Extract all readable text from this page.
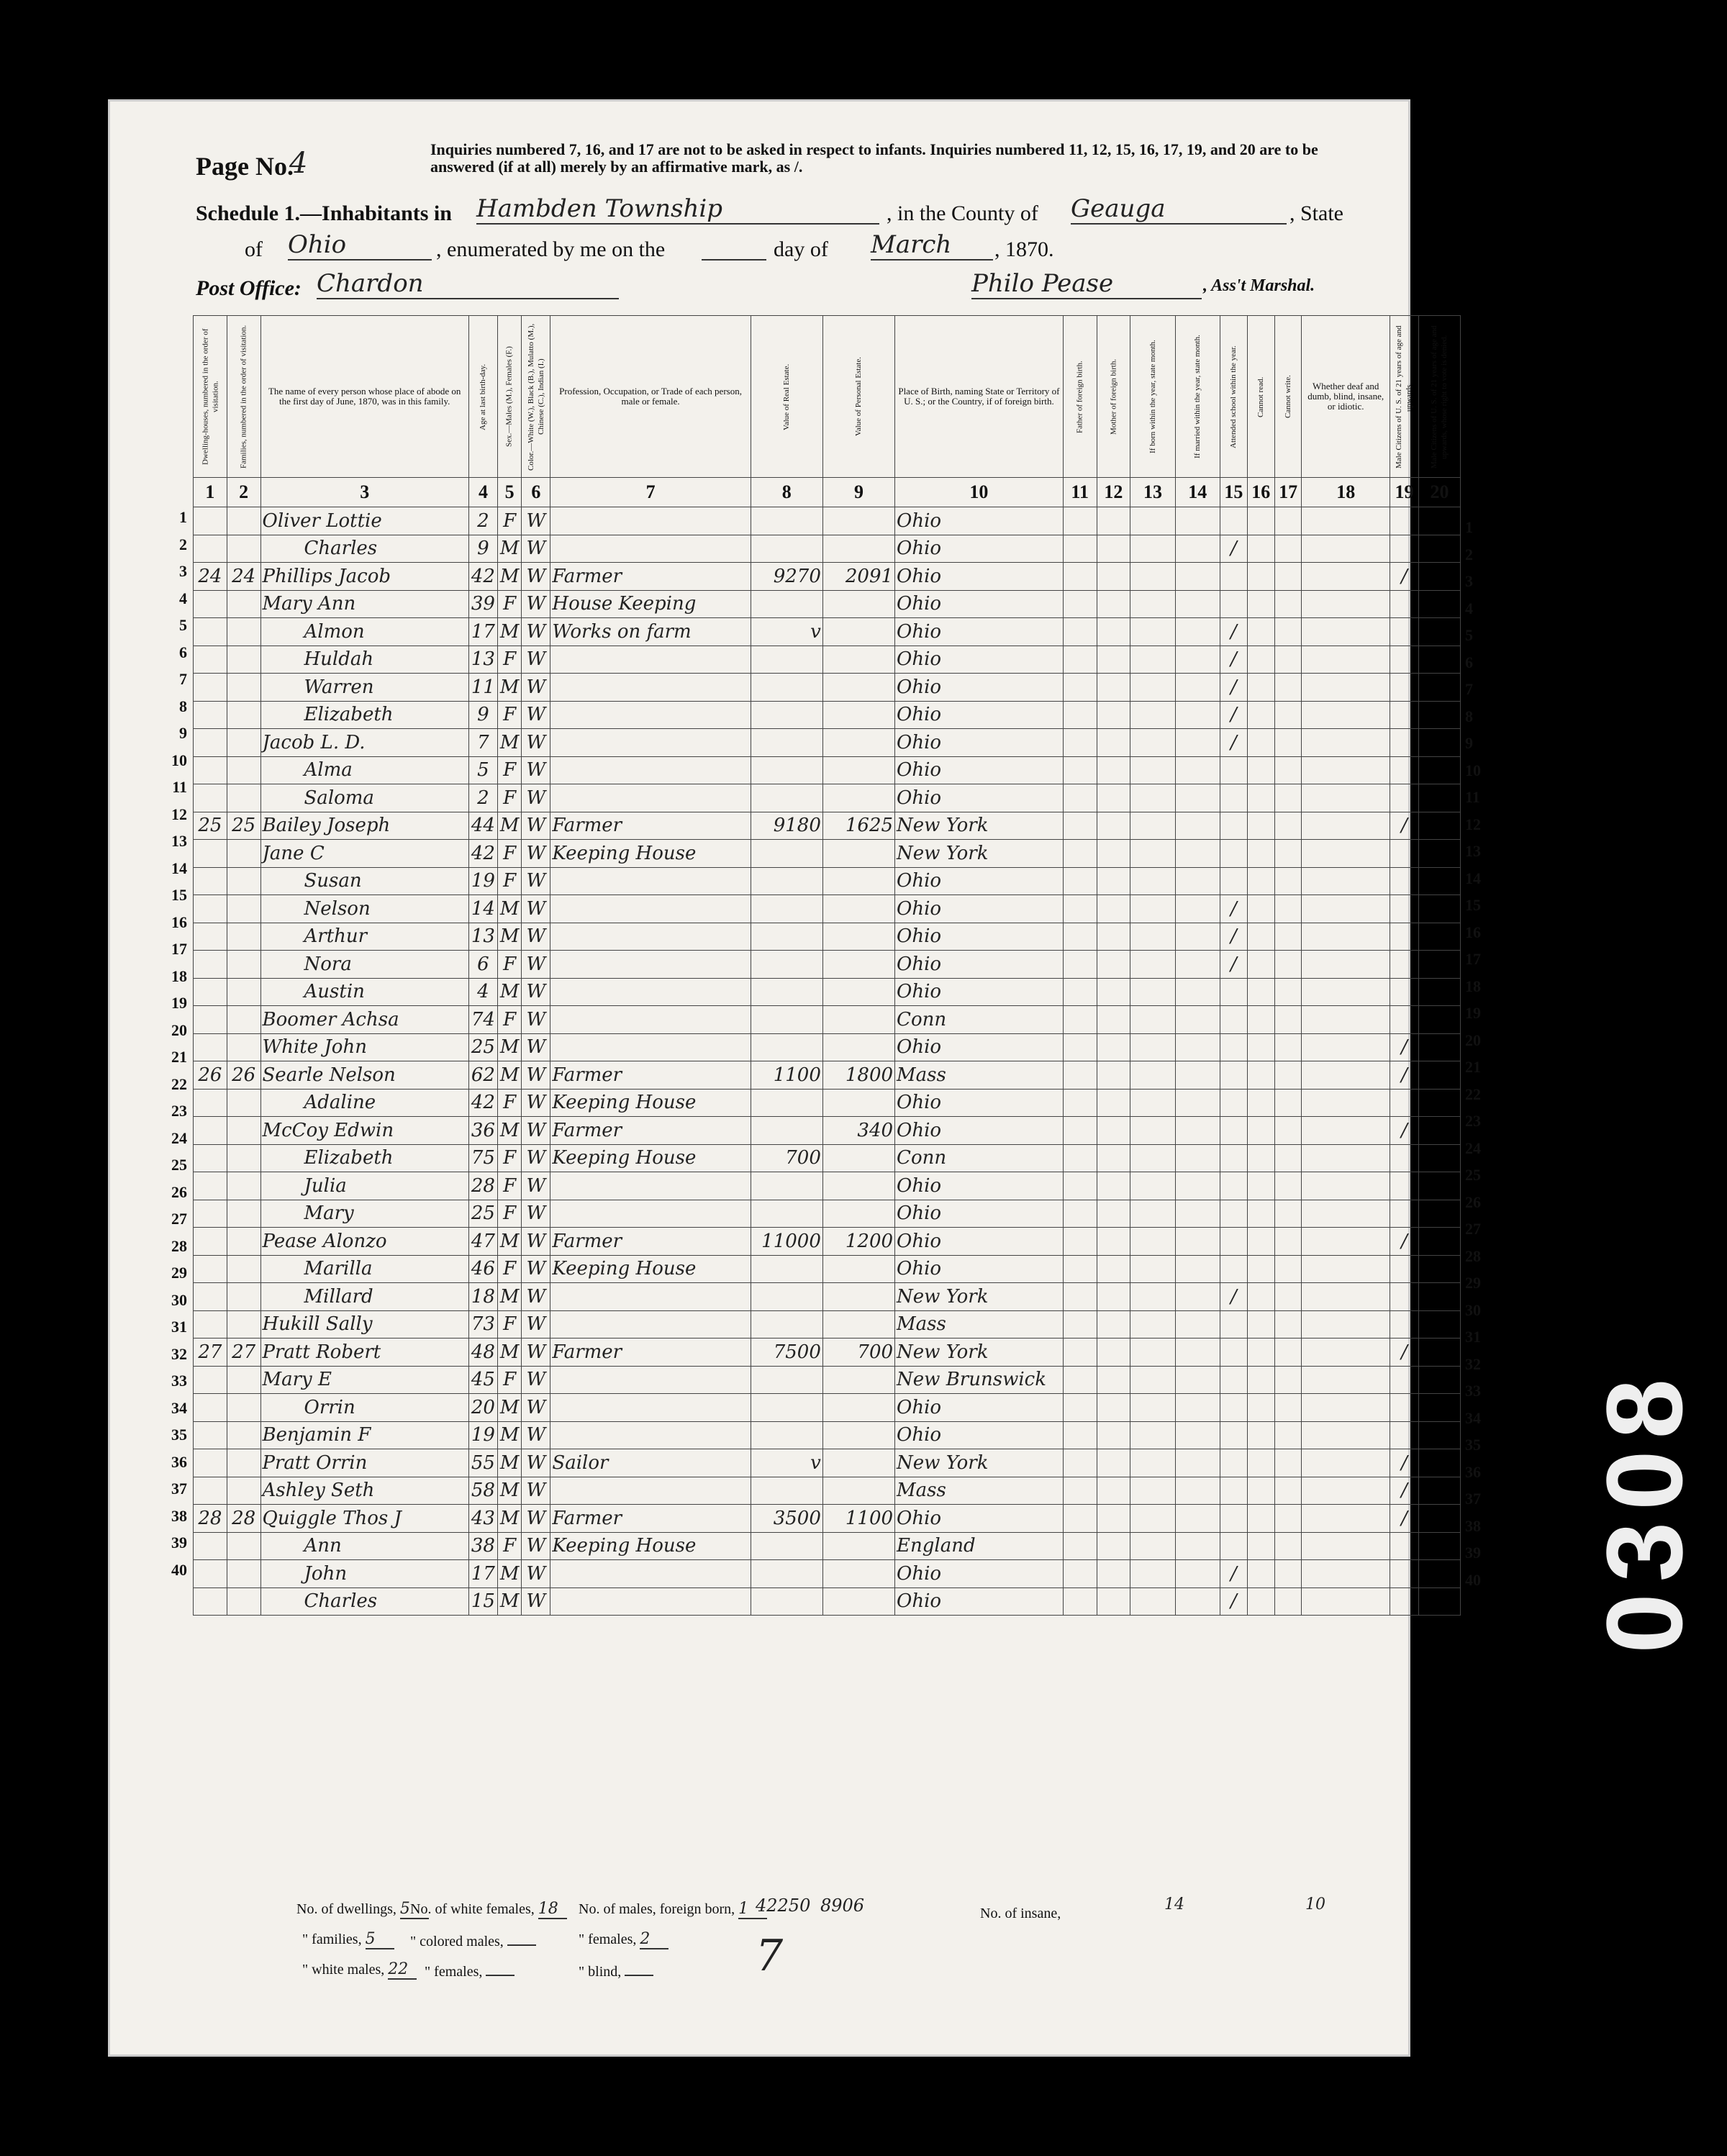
Page No.
4	Inquiries numbered 7, 16, and 17 are not to be asked in respect to infants. Inquiries numbered 11, 12, 15, 16, 17, 19, and 20 are to be answered (if at all) merely by an affirmative mark, as /.
Schedule 1.—Inhabitants in Hambden Township	, in the County of Geauga	, State
of Ohio	, enumerated by me on the	day of March	, 1870.
Post Office: Chardon	Philo Pease	, Ass't Marshal.
Dwelling-houses, numbered in the order of visitation.	Families, numbered in the order of visitation.	The name of every person whose place of abode on the first day of June, 1870, was in this family.	Age at last birth-day.	Sex.—Males (M.), Females (F.)	Color.—White (W.), Black (B.), Mulatto (M.), Chinese (C.), Indian (I.)	Profession, Occupation, or Trade of each person, male or female.	Value of Real Estate.	Value of Personal Estate.	Place of Birth, naming State or Territory of U. S.; or the Country, if of foreign birth.	Father of foreign birth.	Mother of foreign birth.	If born within the year, state month.	If married within the year, state month.	Attended school within the year.	Cannot read.	Cannot write.	Whether deaf and dumb, blind, insane, or idiotic.	Male Citizens of U. S. of 21 years of age and upwards.	Male Citizens of U. S. of 21 years of age and upwards, whose right to vote is denied.
1	2	3	4	5	6	7	8	9	10	11	12	13	14	15	16	17	18	19	20
		Oliver Lottie	2	F	W				Ohio										
		Charles	9	M	W				Ohio					/					
24	24	Phillips Jacob	42	M	W	Farmer	9270	2091	Ohio									/	
		Mary Ann	39	F	W	House Keeping			Ohio										
		Almon	17	M	W	Works on farm	v		Ohio					/					
		Huldah	13	F	W				Ohio					/					
		Warren	11	M	W				Ohio					/					
		Elizabeth	9	F	W				Ohio					/					
		Jacob L. D.	7	M	W				Ohio					/					
		Alma	5	F	W				Ohio										
		Saloma	2	F	W				Ohio										
25	25	Bailey Joseph	44	M	W	Farmer	9180	1625	New York									/	
		Jane C	42	F	W	Keeping House			New York										
		Susan	19	F	W				Ohio										
		Nelson	14	M	W				Ohio					/					
		Arthur	13	M	W				Ohio					/					
		Nora	6	F	W				Ohio					/					
		Austin	4	M	W				Ohio										
		Boomer Achsa	74	F	W				Conn										
		White John	25	M	W				Ohio									/	
26	26	Searle Nelson	62	M	W	Farmer	1100	1800	Mass									/	
		Adaline	42	F	W	Keeping House			Ohio										
		McCoy Edwin	36	M	W	Farmer		340	Ohio									/	
		Elizabeth	75	F	W	Keeping House	700		Conn										
		Julia	28	F	W				Ohio										
		Mary	25	F	W				Ohio										
		Pease Alonzo	47	M	W	Farmer	11000	1200	Ohio									/	
		Marilla	46	F	W	Keeping House			Ohio										
		Millard	18	M	W				New York					/					
		Hukill Sally	73	F	W				Mass										
27	27	Pratt Robert	48	M	W	Farmer	7500	700	New York									/	
		Mary E	45	F	W				New Brunswick										
		Orrin	20	M	W				Ohio										
		Benjamin F	19	M	W				Ohio										
		Pratt Orrin	55	M	W	Sailor	v		New York									/	
		Ashley Seth	58	M	W				Mass									/	
28	28	Quiggle Thos J	43	M	W	Farmer	3500	1100	Ohio									/	
		Ann	38	F	W	Keeping House			England										
		John	17	M	W				Ohio					/					
		Charles	15	M	W				Ohio					/					
1
2
3
4
5
6
7
8
9
10
11
12
13
14
15
16
17
18
19
20
21
22
23
24
25
26
27
28
29
30
31
32
33
34
35
36
37
38
39
40
1
2
3
4
5
6
7
8
9
10
11
12
13
14
15
16
17
18
19
20
21
22
23
24
25
26
27
28
29
30
31
32
33
34
35
36
37
38
39
40
No. of dwellings, 5 No. of white females, 18	No. of males, foreign born, 1
" families, 5	" colored males,	" females, 2
" white males, 22	" females,	" blind,
42250 8906
7
No. of insane,	14	10
0308
